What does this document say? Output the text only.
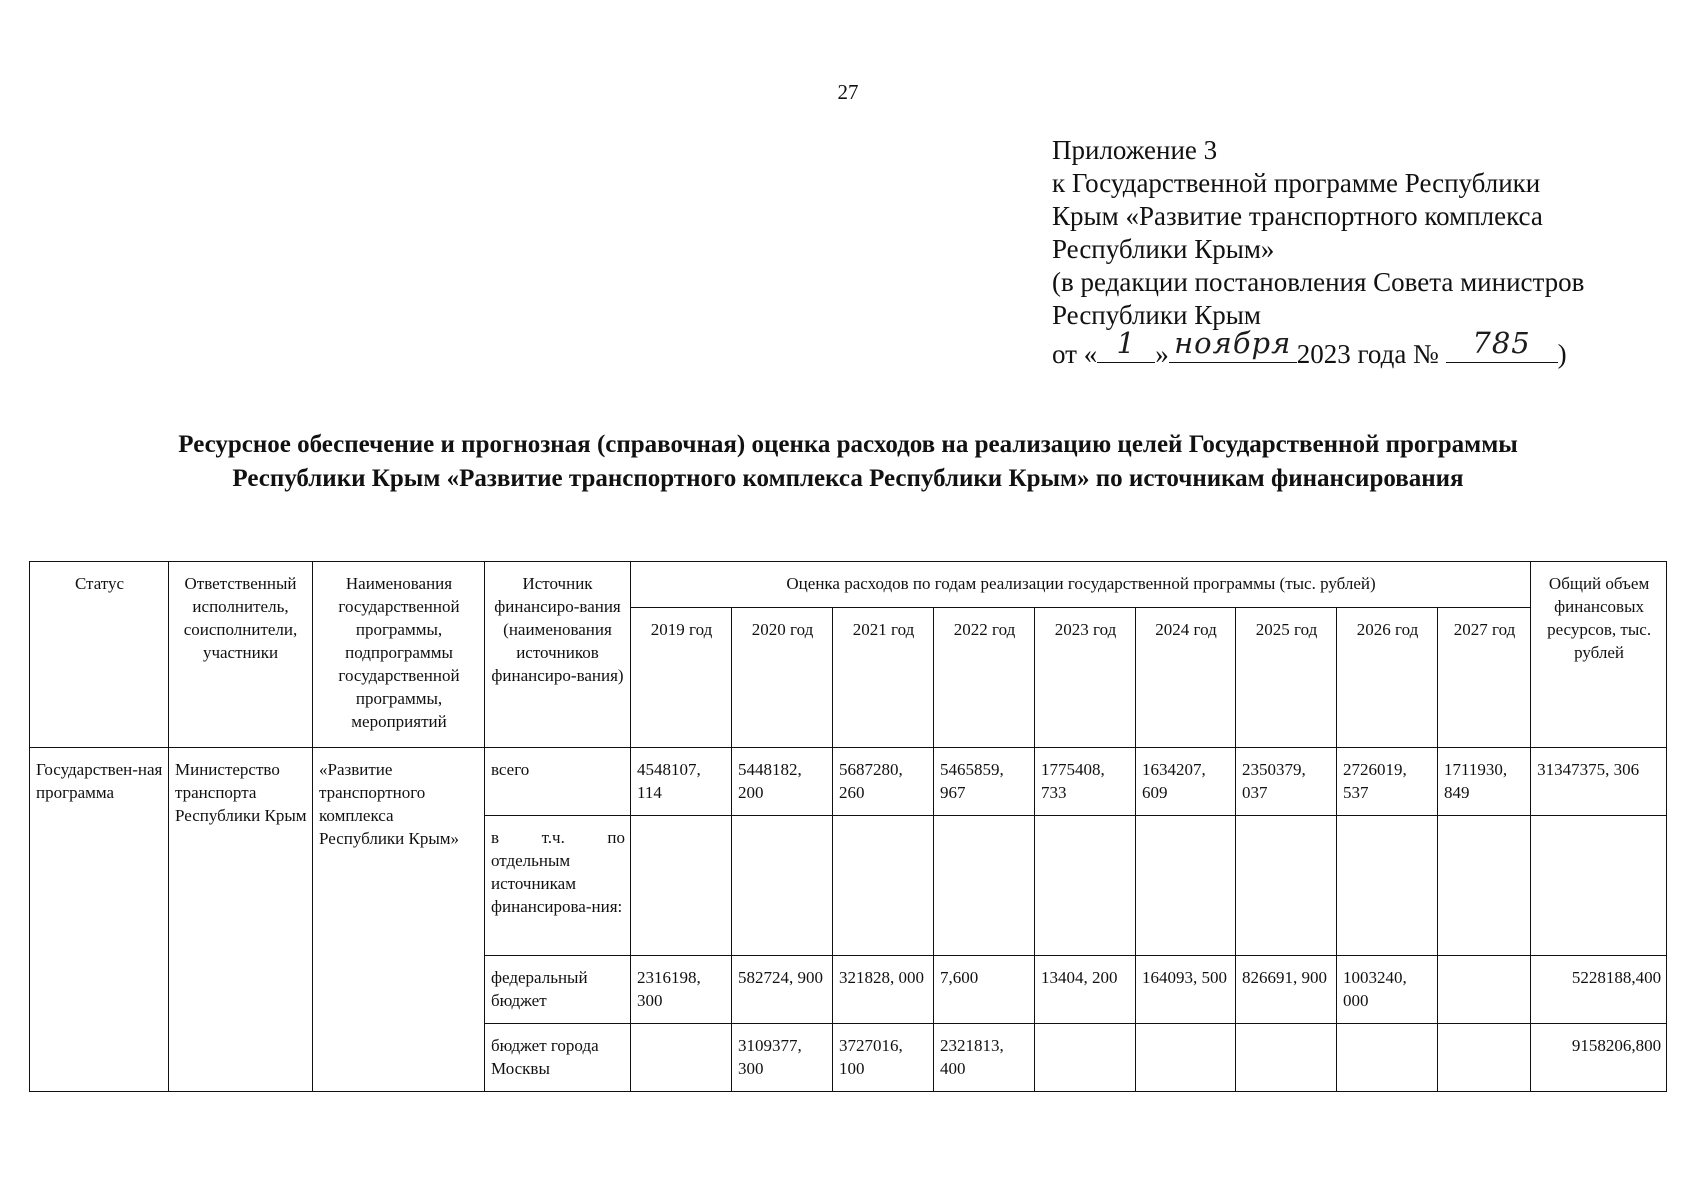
27
Приложение 3
к Государственной программе Республики
Крым «Развитие транспортного комплекса
Республики Крым»
(в редакции постановления Совета министров
Республики Крым
от « 1 » ноября 2023 года №	785 )
Ресурсное обеспечение и прогнозная (справочная) оценка расходов на реализацию целей Государственной программы
Республики Крым «Развитие транспортного комплекса Республики Крым» по источникам финансирования
Статус	Ответственный исполнитель, соисполнители, участники	Наименования государственной программы, подпрограммы государственной программы, мероприятий	Источник финансиро-вания (наименования источников финансиро-вания)	Оценка расходов по годам реализации государственной программы (тыс. рублей)									Общий объем финансовых ресурсов, тыс. рублей
				2019 год	2020 год	2021 год	2022 год	2023 год	2024 год	2025 год	2026 год	2027 год	
Государствен-ная программа	Министерство транспорта Республики Крым	«Развитие транспортного комплекса Республики Крым»	всего	4548107, 114	5448182, 200	5687280, 260	5465859, 967	1775408, 733	1634207, 609	2350379, 037	2726019, 537	1711930, 849	31347375, 306
			в т.ч. по отдельным источникам финансирова-ния:										
			федеральный бюджет	2316198, 300	582724, 900	321828, 000	7,600	13404, 200	164093, 500	826691, 900	1003240, 000		5228188,400
			бюджет города Москвы		3109377, 300	3727016, 100	2321813, 400						9158206,800
